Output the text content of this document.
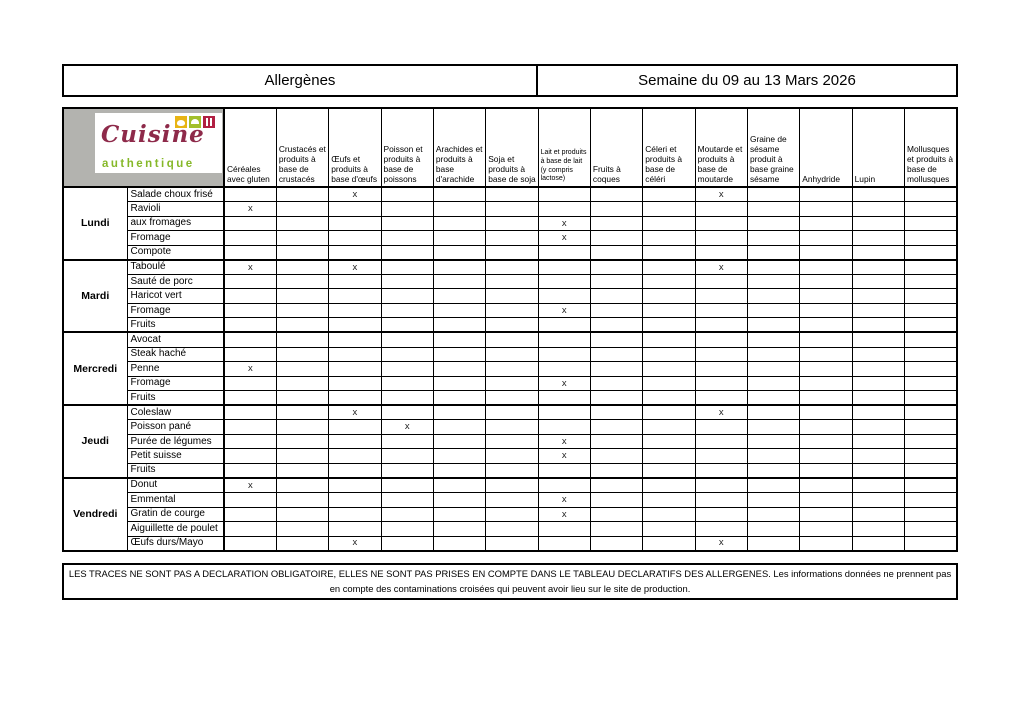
Allergènes	Semaine du 09 au 13 Mars 2026
Cuisine
authentique		Céréales avec gluten	Crustacés et produits à base de crustacés	Œufs et produits à base d'œufs	Poisson et produits à base de poissons	Arachides et produits à base d'arachide	Soja et produits à base de soja	Lait et produits à base de lait (y compris lactose)	Fruits à coques	Céleri et produits à base de céléri	Moutarde et produits à base de moutarde	Graine de sésame produit à base graine sésame	Anhydride	Lupin	Mollusques et produits à base de mollusques
Lundi	Salade choux frisé			x							x				
	Ravioli	x													
	aux fromages							x							
	Fromage							x							
	Compote														
Mardi	Taboulé	x		x							x				
	Sauté de porc														
	Haricot vert														
	Fromage							x							
	Fruits														
Mercredi	Avocat														
	Steak haché														
	Penne	x													
	Fromage							x							
	Fruits														
Jeudi	Coleslaw			x							x				
	Poisson pané				x										
	Purée de légumes							x							
	Petit suisse							x							
	Fruits														
Vendredi	Donut	x													
	Emmental							x							
	Gratin de courge							x							
	Aiguillette de poulet														
	Œufs durs/Mayo			x							x				
LES TRACES NE SONT PAS A DECLARATION OBLIGATOIRE, ELLES NE SONT PAS PRISES EN COMPTE DANS LE TABLEAU DECLARATIFS DES ALLERGENES. Les informations données ne prennent pas en compte des contaminations croisées qui peuvent avoir lieu sur le site de production.
